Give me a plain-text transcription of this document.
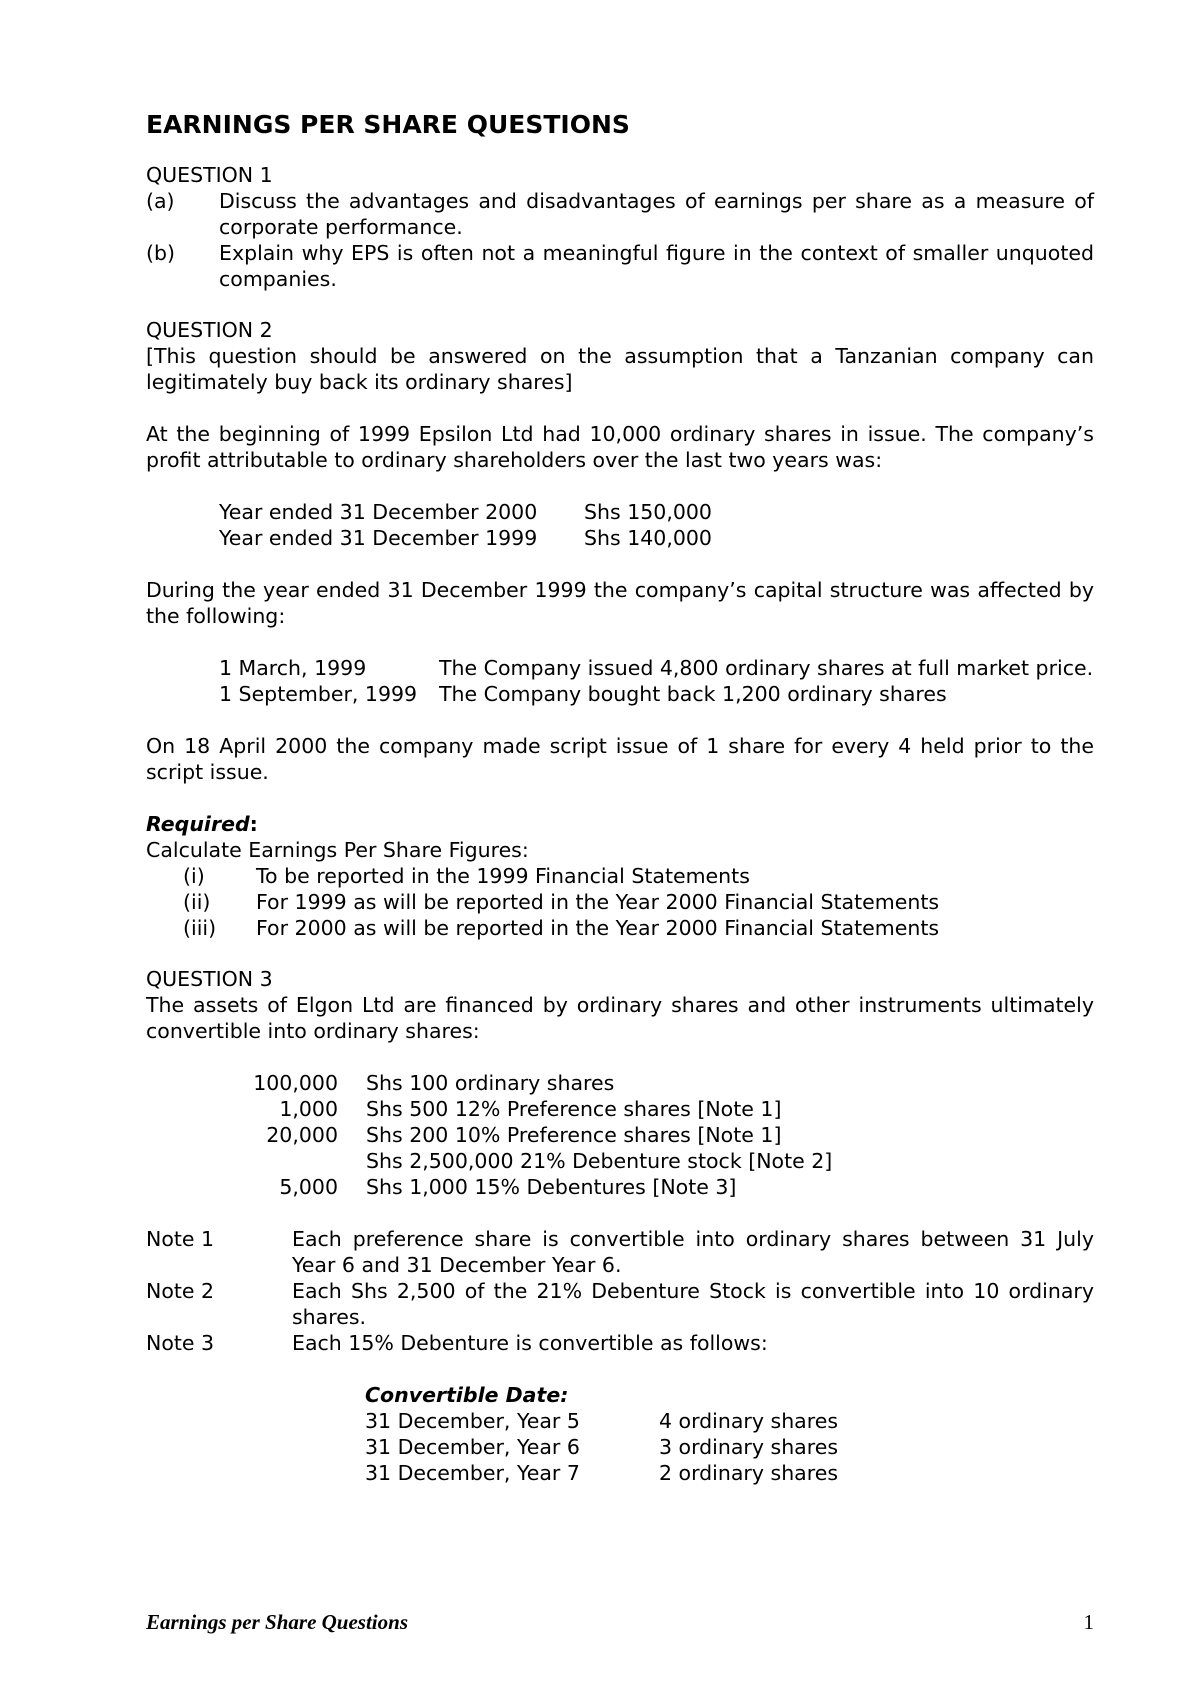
EARNINGS PER SHARE QUESTIONS

QUESTION 1

(a)	Discuss the advantages and disadvantages of earnings per share as a measure of corporate performance.
(b)	Explain why EPS is often not a meaningful figure in the context of smaller unquoted companies.

QUESTION 2

[This question should be answered on the assumption that a Tanzanian company can legitimately buy back its ordinary shares]

At the beginning of 1999 Epsilon Ltd had 10,000 ordinary shares in issue. The company’s profit attributable to ordinary shareholders over the last two years was:

Year ended 31 December 2000	Shs 150,000
Year ended 31 December 1999	Shs 140,000

During the year ended 31 December 1999 the company’s capital structure was affected by the following:

1 March, 1999	The Company issued 4,800 ordinary shares at full market price.
1 September, 1999	The Company bought back 1,200 ordinary shares

On 18 April 2000 the company made script issue of 1 share for every 4 held prior to the script issue.

Required:

Calculate Earnings Per Share Figures:

(i)	To be reported in the 1999 Financial Statements
(ii)	For 1999 as will be reported in the Year 2000 Financial Statements
(iii)	For 2000 as will be reported in the Year 2000 Financial Statements

QUESTION 3

The assets of Elgon Ltd are financed by ordinary shares and other instruments ultimately convertible into ordinary shares:

100,000	Shs 100 ordinary shares
1,000	Shs 500 12% Preference shares [Note 1]
20,000	Shs 200 10% Preference shares [Note 1]
Shs 2,500,000 21% Debenture stock [Note 2]
5,000	Shs 1,000 15% Debentures [Note 3]
Note 1	Each preference share is convertible into ordinary shares between 31 July Year 6 and 31 December Year 6.
Note 2	Each Shs 2,500 of the 21% Debenture Stock is convertible into 10 ordinary shares.
Note 3	Each 15% Debenture is convertible as follows:

Convertible Date:

31 December, Year 5	4 ordinary shares
31 December, Year 6	3 ordinary shares
31 December, Year 7	2 ordinary shares
Earnings per Share Questions	1
